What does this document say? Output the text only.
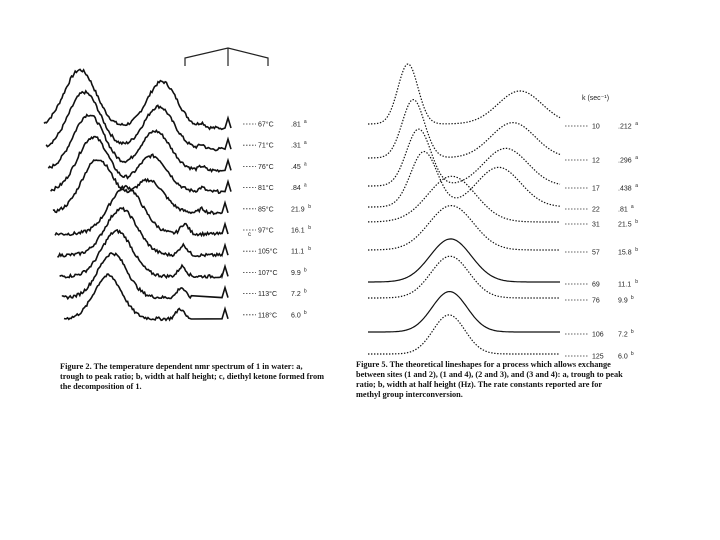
67°C .81 a
71°C .31 a
76°C .45 a
81°C .84 a
85°C 21.9 b
97°C 16.1 b
105°C 11.1 b
107°C 9.9 b
113°C 7.2 b
118°C 6.0 b
c
k (sec⁻¹)
10	.212 a
12	.296 a
17	.438 a
22	.81 a
31	21.5 b
57	15.8 b
69	11.1 b
76	9.9 b
106 7.2 b
125 6.0 b
Figure 2. The temperature dependent nmr spectrum of 1 in water: a, trough to peak ratio; b, width at half height; c, diethyl ketone formed from the decomposition of 1.
Figure 5. The theoretical lineshapes for a process which allows exchange between sites (1 and 2), (1 and 4), (2 and 3), and (3 and 4): a, trough to peak ratio; b, width at half height (Hz). The rate constants reported are for methyl group interconversion.
